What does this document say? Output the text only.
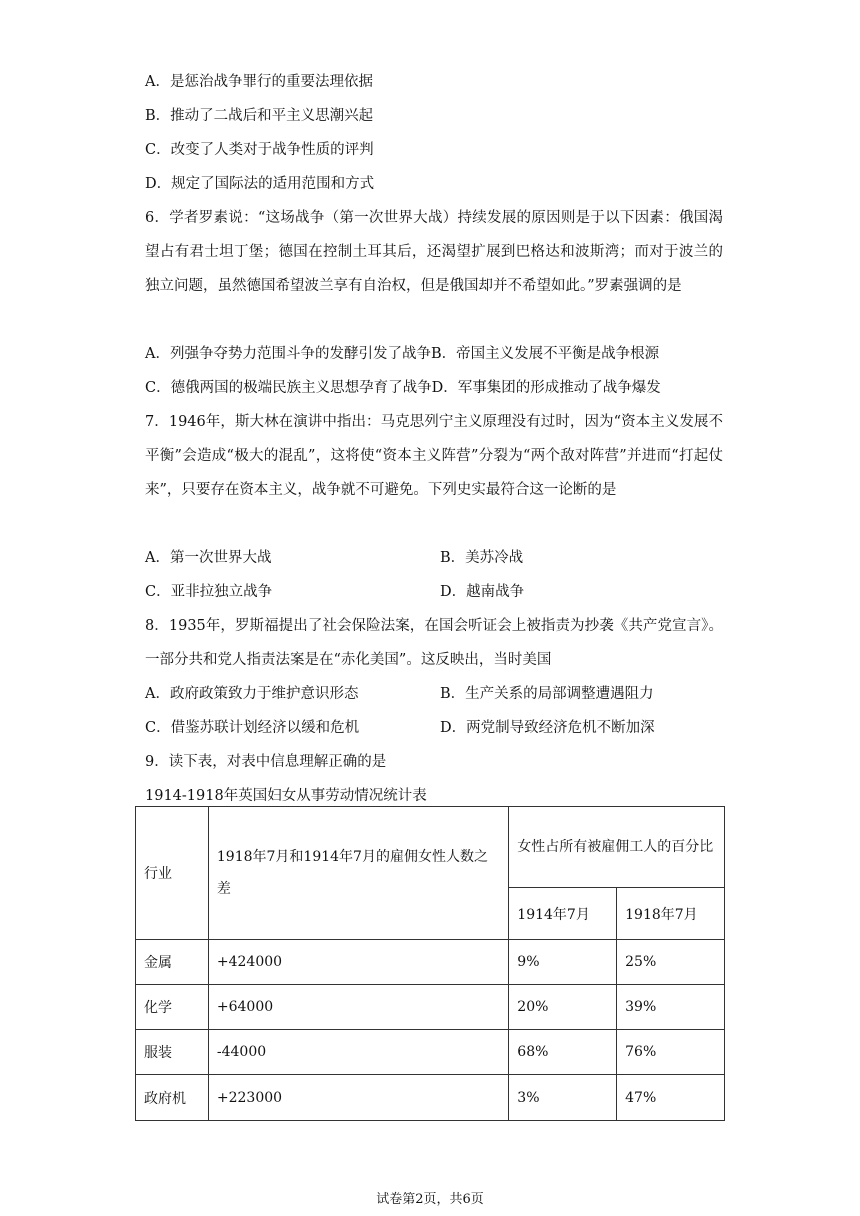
A．是惩治战争罪行的重要法理依据
B．推动了二战后和平主义思潮兴起
C．改变了人类对于战争性质的评判
D．规定了国际法的适用范围和方式
6．学者罗素说：“这场战争（第一次世界大战）持续发展的原因则是于以下因素：俄国渴望占有君士坦丁堡；德国在控制土耳其后，还渴望扩展到巴格达和波斯湾；而对于波兰的独立问题，虽然德国希望波兰享有自治权，但是俄国却并不希望如此。”罗素强调的是
A．列强争夺势力范围斗争的发酵引发了战争B．帝国主义发展不平衡是战争根源
C．德俄两国的极端民族主义思想孕育了战争D．军事集团的形成推动了战争爆发
7．1946年，斯大林在演讲中指出：马克思列宁主义原理没有过时，因为“资本主义发展不平衡”会造成“极大的混乱”，这将使“资本主义阵营”分裂为“两个敌对阵营”并进而“打起仗来”，只要存在资本主义，战争就不可避免。下列史实最符合这一论断的是
A．第一次世界大战	B．美苏冷战
C．亚非拉独立战争	D．越南战争
8．1935年，罗斯福提出了社会保险法案，在国会听证会上被指责为抄袭《共产党宣言》。一部分共和党人指责法案是在“赤化美国”。这反映出，当时美国
A．政府政策致力于维护意识形态	B．生产关系的局部调整遭遇阻力
C．借鉴苏联计划经济以缓和危机	D．两党制导致经济危机不断加深
9．读下表，对表中信息理解正确的是
1914-1918年英国妇女从事劳动情况统计表
行业	1918年7月和1914年7月的雇佣女性人数之差	女性占所有被雇佣工人的百分比	
		1914年7月	1918年7月
金属	+424000	9%	25%
化学	+64000	20%	39%
服装	-44000	68%	76%
政府机	+223000	3%	47%
试卷第2页，共6页
